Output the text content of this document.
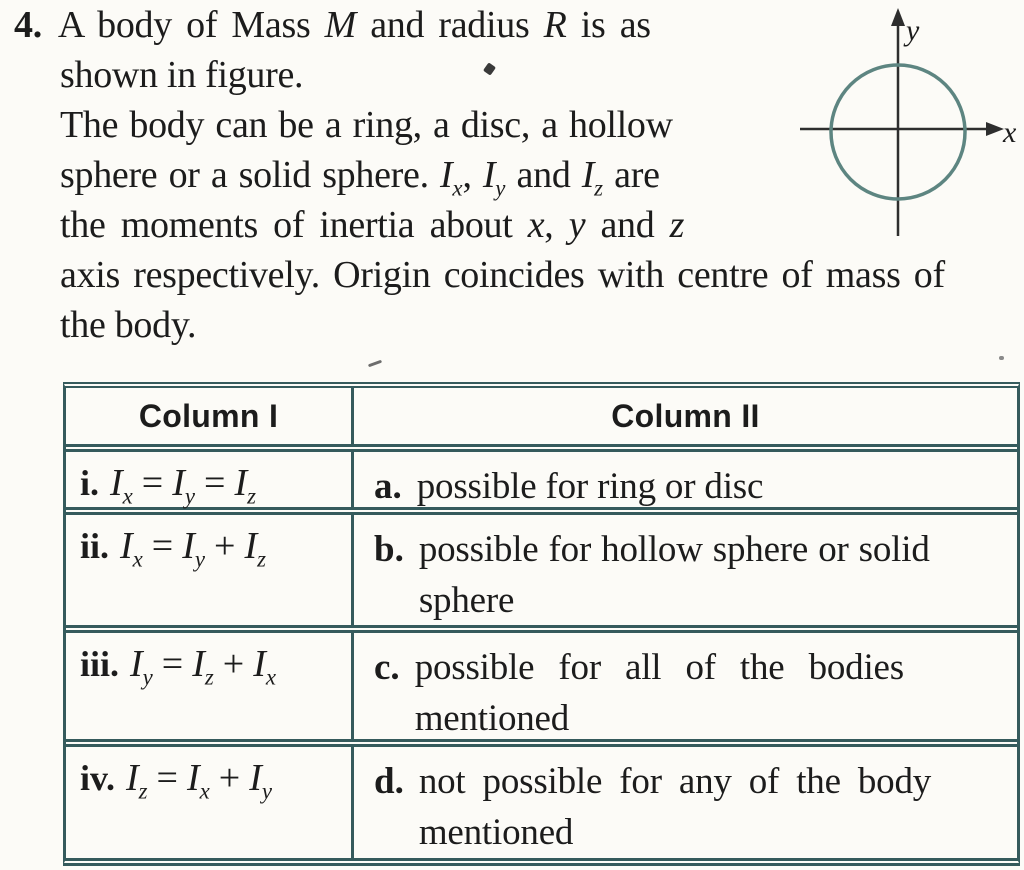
4. A body of Mass M and radius R is as
shown in figure.
The body can be a ring, a disc, a hollow
sphere or a solid sphere. $I_x$, $I_y$ and $I_z$ are
the moments of inertia about x, y and z
axis respectively. Origin coincides with centre of mass of
the body.
y
x
Column I	Column II
i. $I_x = I_y = I_z$	a. possible for ring or disc
ii. $I_x = I_y + I_z$	b. possible for hollow sphere or solid
sphere
iii. $I_y = I_z + I_x$	c. possible for all of the bodies
mentioned
iv. $I_z = I_x + I_y$	d. not possible for any of the body
mentioned
